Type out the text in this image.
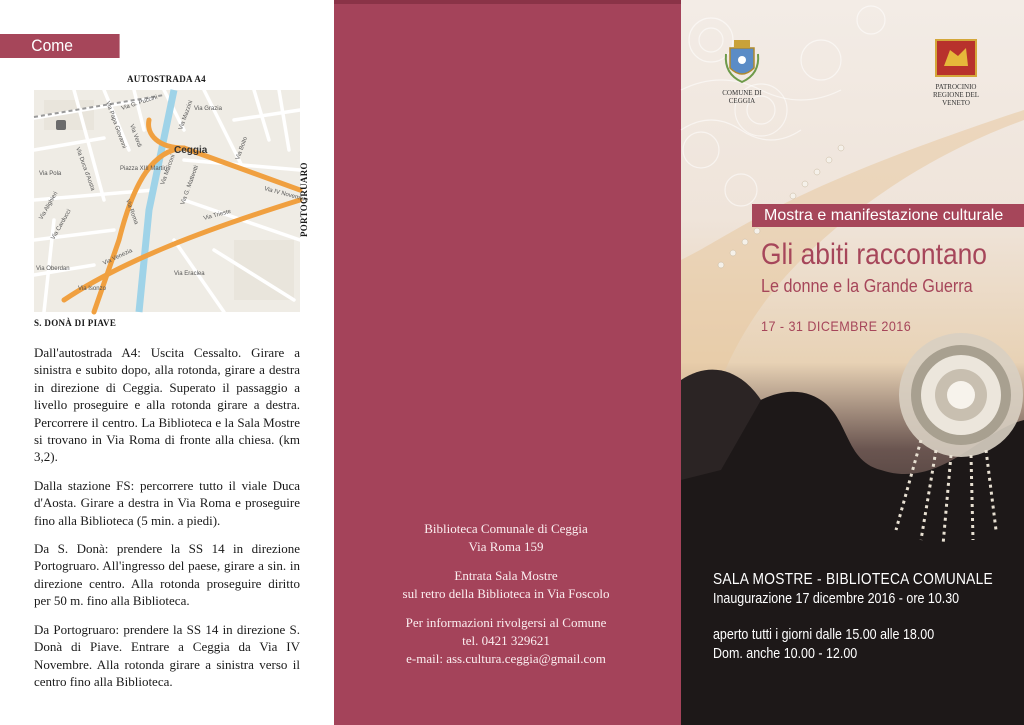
Come arrivare:	AUTOSTRADA A4
Via G. Puccini
Via Papa Giovanni Via Verdi
Via Duca d'Aosta
Via Mazzini
Piazza XIII Martiri
Via Roma
Via Marconi
Via Boito
Via G. Matteotti	Via IV Novembre
Via Trieste
Via Pola
Via Alighieri
Via Carducci
Via Oberdan
Via Venezia
Via Isonzo
Via Grazia
Via Eraclea
Ceggia
PORTOGRUARO
S. DONÀ DI PIAVE

Dall'autostrada A4: Uscita Cessalto. Girare a sinistra e subito dopo, alla rotonda, girare a destra in direzione di Ceggia. Superato il passaggio a livello proseguire e alla rotonda girare a destra. Percorrere il centro. La Biblioteca e la Sala Mostre si trovano in Via Roma di fronte alla chiesa. (km 3,2).

Dalla stazione FS: percorrere tutto il viale Duca d'Aosta. Girare a destra in Via Roma e proseguire fino alla Biblioteca (5 min. a piedi).

Da S. Donà: prendere la SS 14 in direzione Portogruaro. All'ingresso del paese, girare a sin. in direzione centro. Alla rotonda proseguire diritto per 50 m. fino alla Biblioteca.

Da Portogruaro: prendere la SS 14 in direzione S. Donà di Piave. Entrare a Ceggia da Via IV Novembre. Alla rotonda girare a sinistra verso il centro fino alla Biblioteca.

Biblioteca Comunale di Ceggia
Via Roma 159
Entrata Sala Mostre
sul retro della Biblioteca in Via Foscolo
Per informazioni rivolgersi al Comune
tel. 0421 329621
e-mail: ass.cultura.ceggia@gmail.com
COMUNE DI
CEGGIA
PATROCINIO
REGIONE DEL VENETO
Mostra e manifestazione culturale
Gli abiti raccontano
Le donne e la Grande Guerra
17 - 31 DICEMBRE 2016
SALA MOSTRE - BIBLIOTECA COMUNALE
Inaugurazione 17 dicembre 2016 - ore 10.30
aperto tutti i giorni dalle 15.00 alle 18.00
Dom. anche 10.00 - 12.00
